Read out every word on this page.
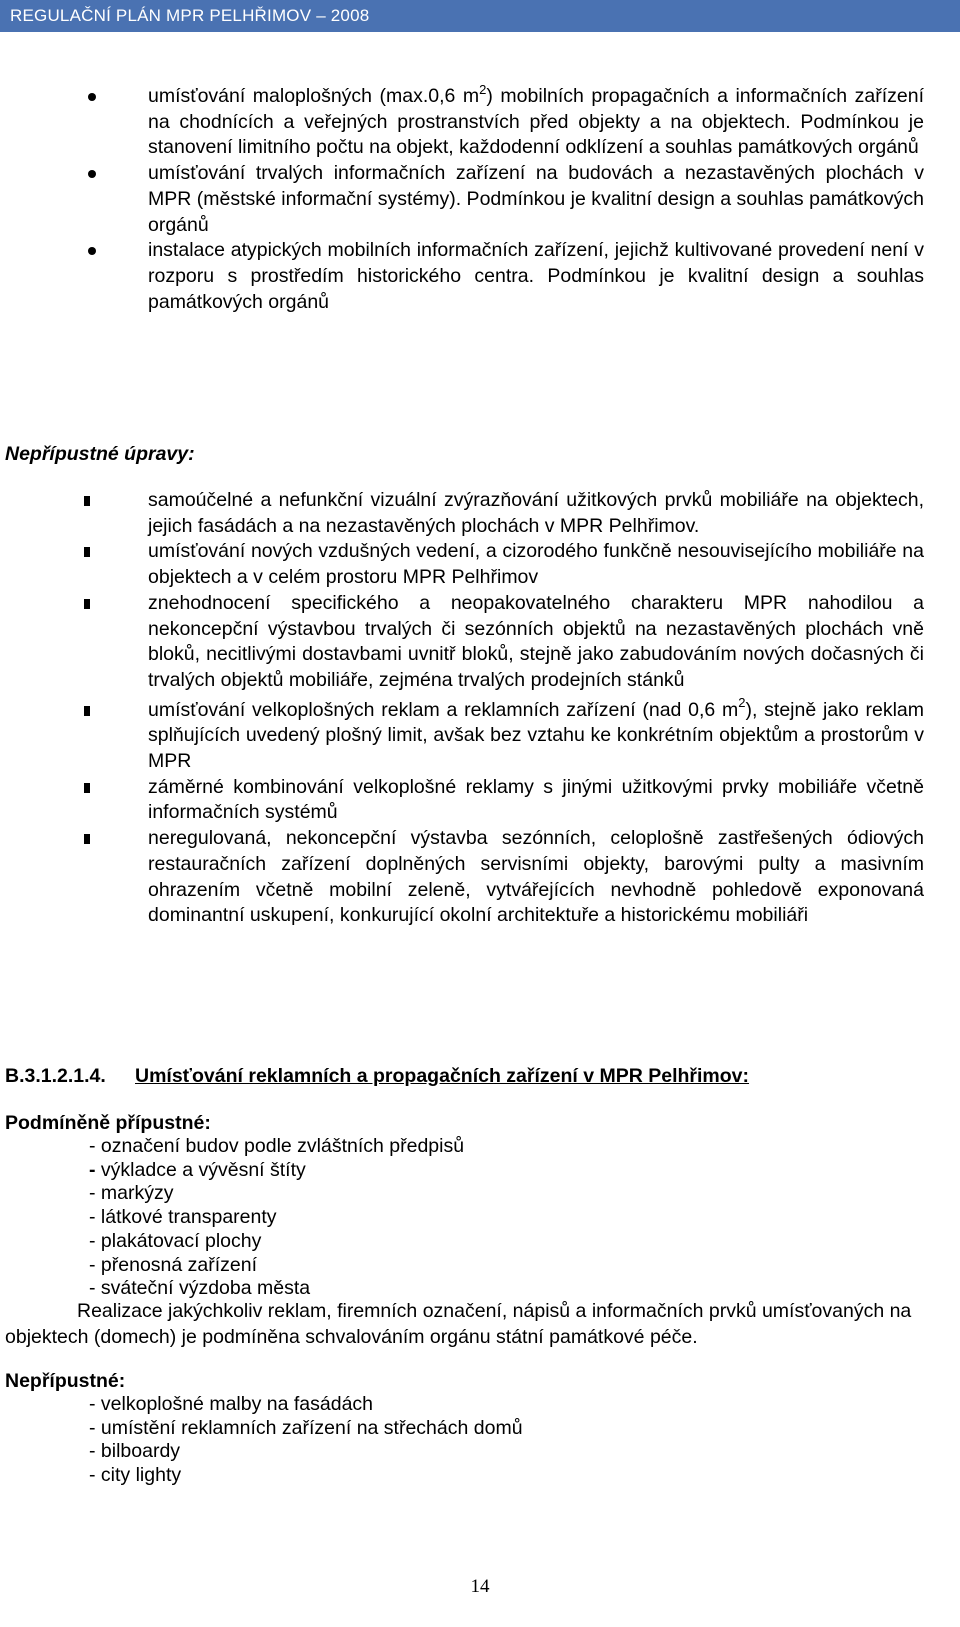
REGULAČNÍ PLÁN MPR PELHŘIMOV – 2008
umísťování maloplošných (max.0,6 $m^2$) mobilních propagačních a informačních zařízení na chodnících a veřejných prostranstvích před objekty a na objektech. Podmínkou je stanovení limitního počtu na objekt, každodenní odklízení a souhlas památkových orgánů
umísťování trvalých informačních zařízení na budovách a nezastavěných plochách v MPR (městské informační systémy). Podmínkou je kvalitní design a souhlas památkových orgánů
instalace atypických mobilních informačních zařízení, jejichž kultivované provedení není v rozporu s prostředím historického centra. Podmínkou je kvalitní design a souhlas památkových orgánů
Nepřípustné úpravy:
samoúčelné a nefunkční vizuální zvýrazňování užitkových prvků mobiliáře na objektech, jejich fasádách a na nezastavěných plochách v MPR Pelhřimov.
umísťování nových vzdušných vedení, a cizorodého funkčně nesouvisejícího mobiliáře na objektech a v celém prostoru MPR Pelhřimov
znehodnocení specifického a neopakovatelného charakteru MPR nahodilou a nekoncepční výstavbou trvalých či sezónních objektů na nezastavěných plochách vně bloků, necitlivými dostavbami uvnitř bloků, stejně jako zabudováním nových dočasných či trvalých objektů mobiliáře, zejména trvalých prodejních stánků
umísťování velkoplošných reklam a reklamních zařízení (nad 0,6 $m^2$), stejně jako reklam splňujících uvedený plošný limit, avšak bez vztahu ke konkrétním objektům a prostorům v MPR
záměrné kombinování velkoplošné reklamy s jinými užitkovými prvky mobiliáře včetně informačních systémů
neregulovaná, nekoncepční výstavba sezónních, celoplošně zastřešených ódiových restauračních zařízení doplněných servisními objekty, barovými pulty a masivním ohrazením včetně mobilní zeleně, vytvářejících nevhodně pohledově exponovaná dominantní uskupení, konkurující okolní architektuře a historickému mobiliáři
B.3.1.2.1.4. Umísťování reklamních a propagačních zařízení v MPR Pelhřimov:
Podmíněně přípustné:
- označení budov podle zvláštních předpisů
- výkladce a vývěsní štíty
- markýzy
- látkové transparenty
- plakátovací plochy
- přenosná zařízení
- sváteční výzdoba města
Realizace jakýchkoliv reklam, firemních označení, nápisů a informačních prvků umísťovaných na objektech (domech) je podmíněna schvalováním orgánu státní památkové péče.
Nepřípustné:
- velkoplošné malby na fasádách
- umístění reklamních zařízení na střechách domů
- bilboardy
- city lighty
14
